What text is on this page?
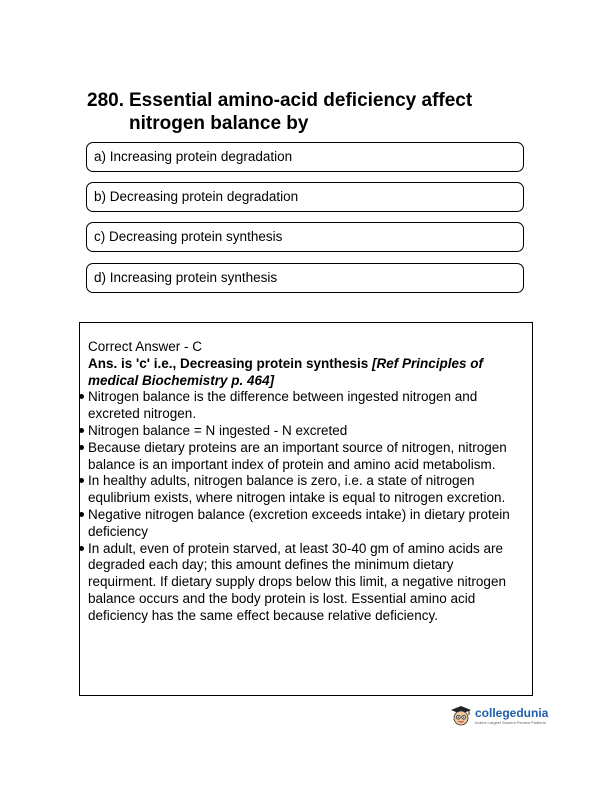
280. Essential amino-acid deficiency affect nitrogen balance by
a) Increasing protein degradation
b) Decreasing protein degradation
c) Decreasing protein synthesis
d) Increasing protein synthesis

Correct Answer - C

Ans. is 'c' i.e., Decreasing protein synthesis [Ref Principles of medical Biochemistry p. 464]

Nitrogen balance is the difference between ingested nitrogen and excreted nitrogen.
Nitrogen balance = N ingested - N excreted
Because dietary proteins are an important source of nitrogen, nitrogen balance is an important index of protein and amino acid metabolism.
In healthy adults, nitrogen balance is zero, i.e. a state of nitrogen equlibrium exists, where nitrogen intake is equal to nitrogen excretion.
Negative nitrogen balance (excretion exceeds intake) in dietary protein deficiency
In adult, even of protein starved, at least 30-40 gm of amino acids are degraded each day; this amount defines the minimum dietary requirment. If dietary supply drops below this limit, a negative nitrogen balance occurs and the body protein is lost. Essential amino acid deficiency has the same effect because relative deficiency.
collegedunia
India's Largest Student Review Platform
